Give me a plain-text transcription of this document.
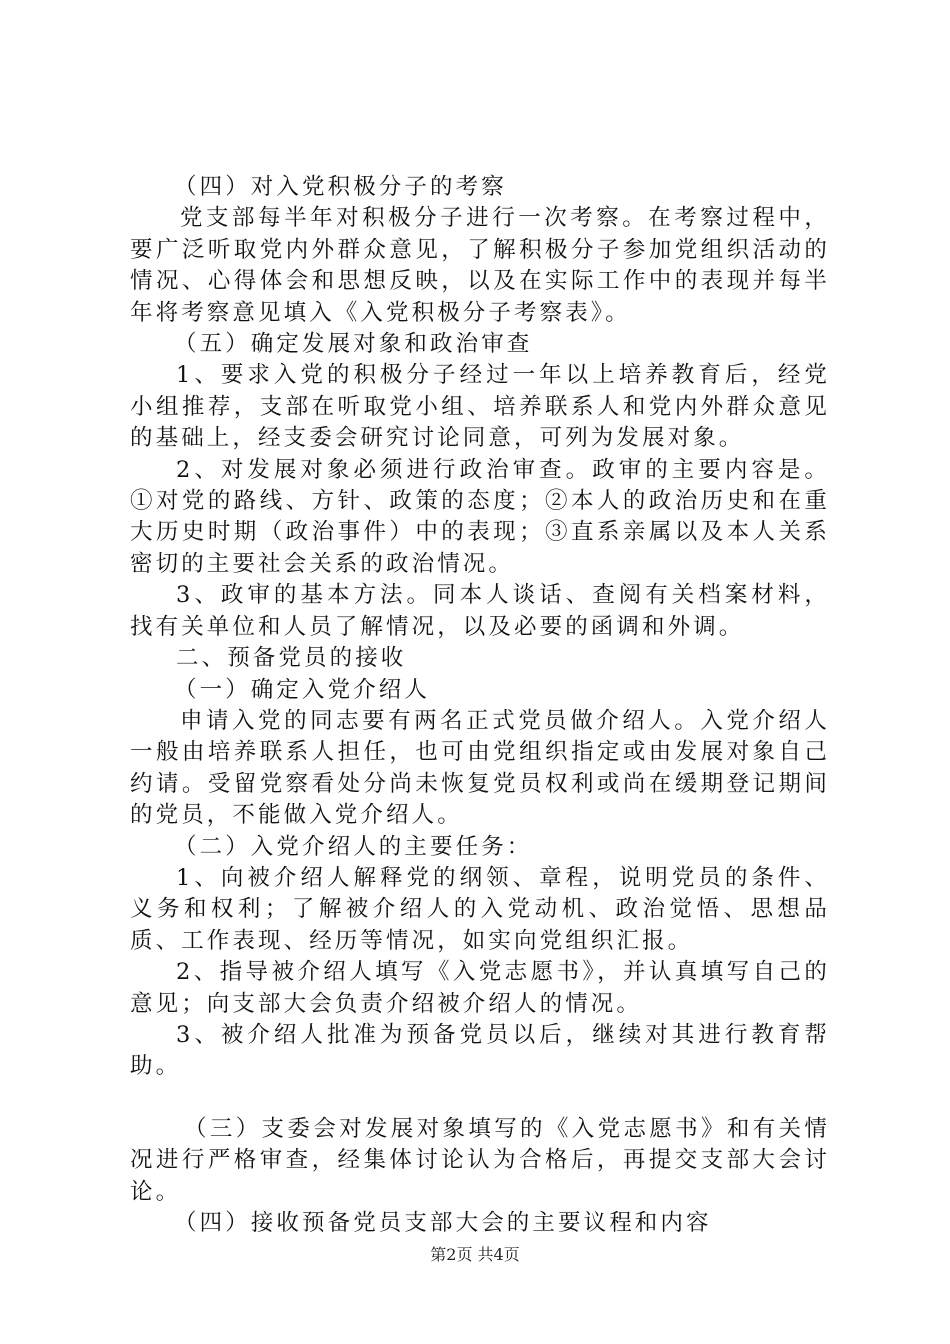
（四）对入党积极分子的考察

党支部每半年对积极分子进行一次考察。在考察过程中，要广泛听取党内外群众意见，了解积极分子参加党组织活动的情况、心得体会和思想反映，以及在实际工作中的表现并每半年将考察意见填入《入党积极分子考察表》。

（五）确定发展对象和政治审查

1、要求入党的积极分子经过一年以上培养教育后，经党小组推荐，支部在听取党小组、培养联系人和党内外群众意见的基础上，经支委会研究讨论同意，可列为发展对象。

2、对发展对象必须进行政治审查。政审的主要内容是。①对党的路线、方针、政策的态度；②本人的政治历史和在重大历史时期（政治事件）中的表现；③直系亲属以及本人关系密切的主要社会关系的政治情况。

3、政审的基本方法。同本人谈话、查阅有关档案材料，找有关单位和人员了解情况，以及必要的函调和外调。

二、预备党员的接收

（一）确定入党介绍人

申请入党的同志要有两名正式党员做介绍人。入党介绍人一般由培养联系人担任，也可由党组织指定或由发展对象自己约请。受留党察看处分尚未恢复党员权利或尚在缓期登记期间的党员，不能做入党介绍人。

（二）入党介绍人的主要任务：

1、向被介绍人解释党的纲领、章程，说明党员的条件、义务和权利；了解被介绍人的入党动机、政治觉悟、思想品质、工作表现、经历等情况，如实向党组织汇报。

2、指导被介绍人填写《入党志愿书》，并认真填写自己的意见；向支部大会负责介绍被介绍人的情况。

3、被介绍人批准为预备党员以后，继续对其进行教育帮助。

（三）支委会对发展对象填写的《入党志愿书》和有关情况进行严格审查，经集体讨论认为合格后，再提交支部大会讨论。

（四）接收预备党员支部大会的主要议程和内容

第2页 共4页
